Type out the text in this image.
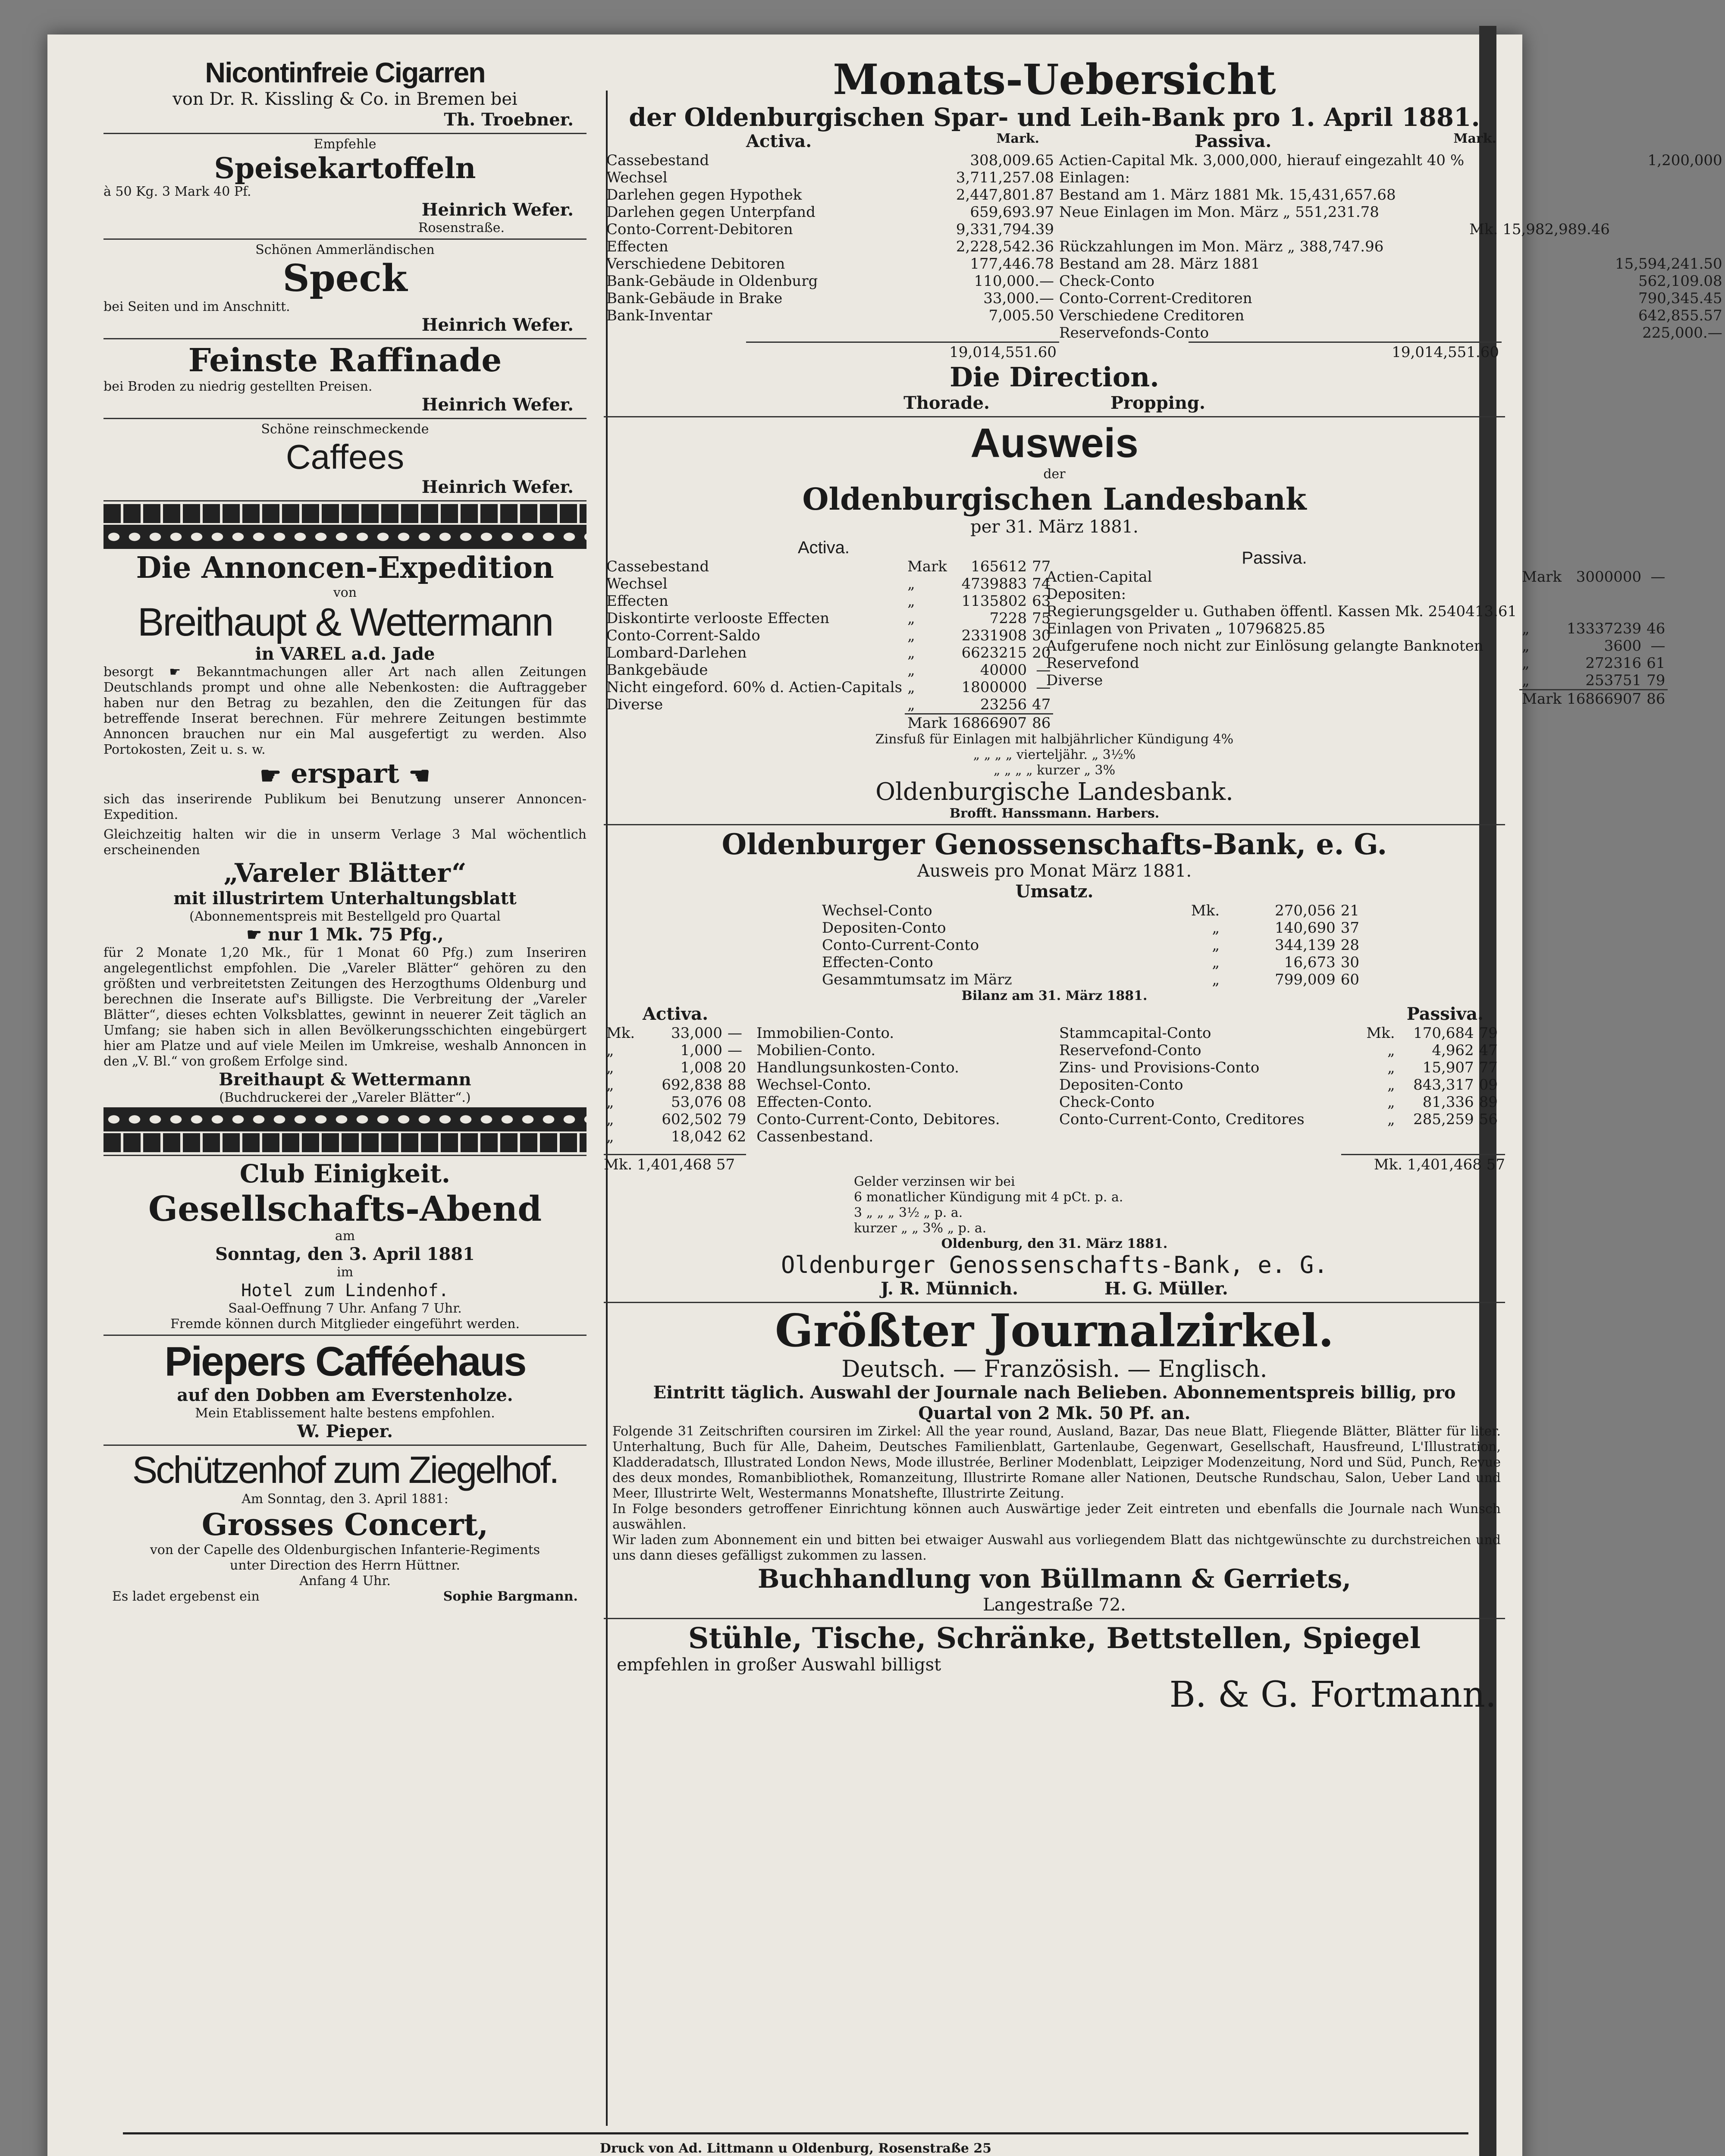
Nicontinfreie Cigarren
von Dr. R. Kissling & Co. in Bremen bei
Th. Troebner.
Empfehle
Speisekartoffeln
à 50 Kg. 3 Mark 40 Pf.
Heinrich Wefer.
Rosenstraße.
Schönen Ammerländischen
Speck
bei Seiten und im Anschnitt.
Heinrich Wefer.
Feinste Raffinade
bei Broden zu niedrig gestellten Preisen.
Heinrich Wefer.
Schöne reinschmeckende
Caffees
Heinrich Wefer.
Die Annoncen-Expedition
von
Breithaupt & Wettermann
in VAREL a.d. Jade

besorgt ☛ Bekanntmachungen aller Art nach allen Zeitungen Deutschlands prompt und ohne alle Nebenkosten: die Auftraggeber haben nur den Betrag zu bezahlen, den die Zeitungen für das betreffende Inserat berechnen. Für mehrere Zeitungen bestimmte Annoncen brauchen nur ein Mal ausgefertigt zu werden. Also Portokosten, Zeit u. s. w.

☛ erspart ☚

sich das inserirende Publikum bei Benutzung unserer Annoncen-Expedition.

Gleichzeitig halten wir die in unserm Verlage 3 Mal wöchentlich erscheinenden

„Vareler Blätter“
mit illustrirtem Unterhaltungsblatt
(Abonnementspreis mit Bestellgeld pro Quartal
☛ nur 1 Mk. 75 Pfg.,

für 2 Monate 1,20 Mk., für 1 Monat 60 Pfg.) zum Inseriren angelegentlichst empfohlen. Die „Vareler Blätter“ gehören zu den größten und verbreitetsten Zeitungen des Herzogthums Oldenburg und berechnen die Inserate auf's Billigste. Die Verbreitung der „Vareler Blätter“, dieses echten Volksblattes, gewinnt in neuerer Zeit täglich an Umfang; sie haben sich in allen Bevölkerungsschichten eingebürgert hier am Platze und auf viele Meilen im Umkreise, weshalb Annoncen in den „V. Bl.“ von großem Erfolge sind.

Breithaupt & Wettermann
(Buchdruckerei der „Vareler Blätter“.)
Club Einigkeit.
Gesellschafts-Abend
am
Sonntag, den 3. April 1881
im
Hotel zum Lindenhof.
Saal-Oeffnung 7 Uhr. Anfang 7 Uhr.
Fremde können durch Mitglieder eingeführt werden.
Piepers Cafféehaus
auf den Dobben am Everstenholze.
Mein Etablissement halte bestens empfohlen.
W. Pieper.
Schützenhof zum Ziegelhof.
Am Sonntag, den 3. April 1881:
Grosses Concert,
von der Capelle des Oldenburgischen Infanterie-Regiments
unter Direction des Herrn Hüttner.
Anfang 4 Uhr.
Es ladet ergebenst ein	Sophie Bargmann.
Monats-Uebersicht
der Oldenburgischen Spar- und Leih-Bank pro 1. April 1881.
Activa.	Mark.
Cassebestand	308,009.65
Wechsel	3,711,257.08
Darlehen gegen Hypothek	2,447,801.87
Darlehen gegen Unterpfand	659,693.97
Conto-Corrent-Debitoren	9,331,794.39
Effecten	2,228,542.36
Verschiedene Debitoren	177,446.78
Bank-Gebäude in Oldenburg	110,000.—
Bank-Gebäude in Brake	33,000.—
Bank-Inventar	7,005.50
Passiva.	Mark.
Actien-Capital Mk. 3,000,000, hierauf eingezahlt 40 %		1,200,000
Einlagen:		
Bestand am 1. März 1881 Mk. 15,431,657.68		
Neue Einlagen im Mon. März „ 551,231.78		
	Mk. 15,982,989.46	
Rückzahlungen im Mon. März „ 388,747.96		
Bestand am 28. März 1881		15,594,241.50
Check-Conto		562,109.08
Conto-Corrent-Creditoren		790,345.45
Verschiedene Creditoren		642,855.57
Reservefonds-Conto		225,000.—
19,014,551.60	19,014,551.60
Die Direction.
Thorade.	Propping.
Ausweis
der
Oldenburgischen Landesbank
per 31. März 1881.
Activa.
Cassebestand	Mark	165612	77
Wechsel	„	4739883	74
Effecten	„	1135802	63
Diskontirte verlooste Effecten	„	7228	75
Conto-Corrent-Saldo	„	2331908	30
Lombard-Darlehen	„	6623215	20
Bankgebäude	„	40000	—
Nicht eingeford. 60% d. Actien-Capitals	„	1800000	—
Diverse	„	23256	47
	Mark	16866907	86
Passiva.
Actien-Capital	Mark	3000000	—
Depositen:			
Regierungsgelder u. Guthaben öffentl. Kassen Mk. 2540413.61			
Einlagen von Privaten „ 10796825.85	„	13337239	46
Aufgerufene noch nicht zur Einlösung gelangte Banknoten	„	3600	—
Reservefond	„	272316	61
Diverse	„	253751	79
	Mark	16866907	86
Zinsfuß für Einlagen mit halbjährlicher Kündigung 4%
„ „ „ „ vierteljähr. „ 3½%
„ „ „ „ kurzer „ 3%
Oldenburgische Landesbank.
Brofft. Hanssmann. Harbers.
Oldenburger Genossenschafts-Bank, e. G.
Ausweis pro Monat März 1881.
Umsatz.
Wechsel-Conto	Mk.	270,056	21
Depositen-Conto	„	140,690	37
Conto-Current-Conto	„	344,139	28
Effecten-Conto	„	16,673	30
Gesammtumsatz im März	„	799,009	60
Bilanz am 31. März 1881.
Activa.
Mk.	33,000	—	Immobilien-Conto.
„	1,000	—	Mobilien-Conto.
„	1,008	20	Handlungsunkosten-Conto.
„	692,838	88	Wechsel-Conto.
„	53,076	08	Effecten-Conto.
„	602,502	79	Conto-Current-Conto, Debitores.
„	18,042	62	Cassenbestand.
Passiva.
Stammcapital-Conto	Mk.	170,684	79
Reservefond-Conto	„	4,962	47
Zins- und Provisions-Conto	„	15,907	77
Depositen-Conto	„	843,317	09
Check-Conto	„	81,336	89
Conto-Current-Conto, Creditores	„	285,259	56
Mk. 1,401,468 57	Mk. 1,401,468 57
Gelder verzinsen wir bei
6 monatlicher Kündigung mit 4 pCt. p. a.
3 „ „ „ 3½ „ p. a.
kurzer „ „ 3% „ p. a.
Oldenburg, den 31. März 1881.
Oldenburger Genossenschafts-Bank, e. G.
J. R. Münnich.	H. G. Müller.
Größter Journalzirkel.
Deutsch. — Französish. — Englisch.
Eintritt täglich. Auswahl der Journale nach Belieben. Abonnementspreis billig, pro
Quartal von 2 Mk. 50 Pf. an.

Folgende 31 Zeitschriften coursiren im Zirkel: All the year round, Ausland, Bazar, Das neue Blatt, Fliegende Blätter, Blätter für liter. Unterhaltung, Buch für Alle, Daheim, Deutsches Familienblatt, Gartenlaube, Gegenwart, Gesellschaft, Hausfreund, L'Illustration, Kladderadatsch, Illustrated London News, Mode illustrée, Berliner Modenblatt, Leipziger Modenzeitung, Nord und Süd, Punch, Revue des deux mondes, Romanbibliothek, Romanzeitung, Illustrirte Romane aller Nationen, Deutsche Rundschau, Salon, Ueber Land und Meer, Illustrirte Welt, Westermanns Monatshefte, Illustrirte Zeitung.

In Folge besonders getroffener Einrichtung können auch Auswärtige jeder Zeit eintreten und ebenfalls die Journale nach Wunsch auswählen.

Wir laden zum Abonnement ein und bitten bei etwaiger Auswahl aus vorliegendem Blatt das nichtgewünschte zu durchstreichen und uns dann dieses gefälligst zukommen zu lassen.

Buchhandlung von Büllmann & Gerriets,
Langestraße 72.
Stühle, Tische, Schränke, Bettstellen, Spiegel
empfehlen in großer Auswahl billigst
B. & G. Fortmann.
Druck von Ad. Littmann u Oldenburg, Rosenstraße 25
